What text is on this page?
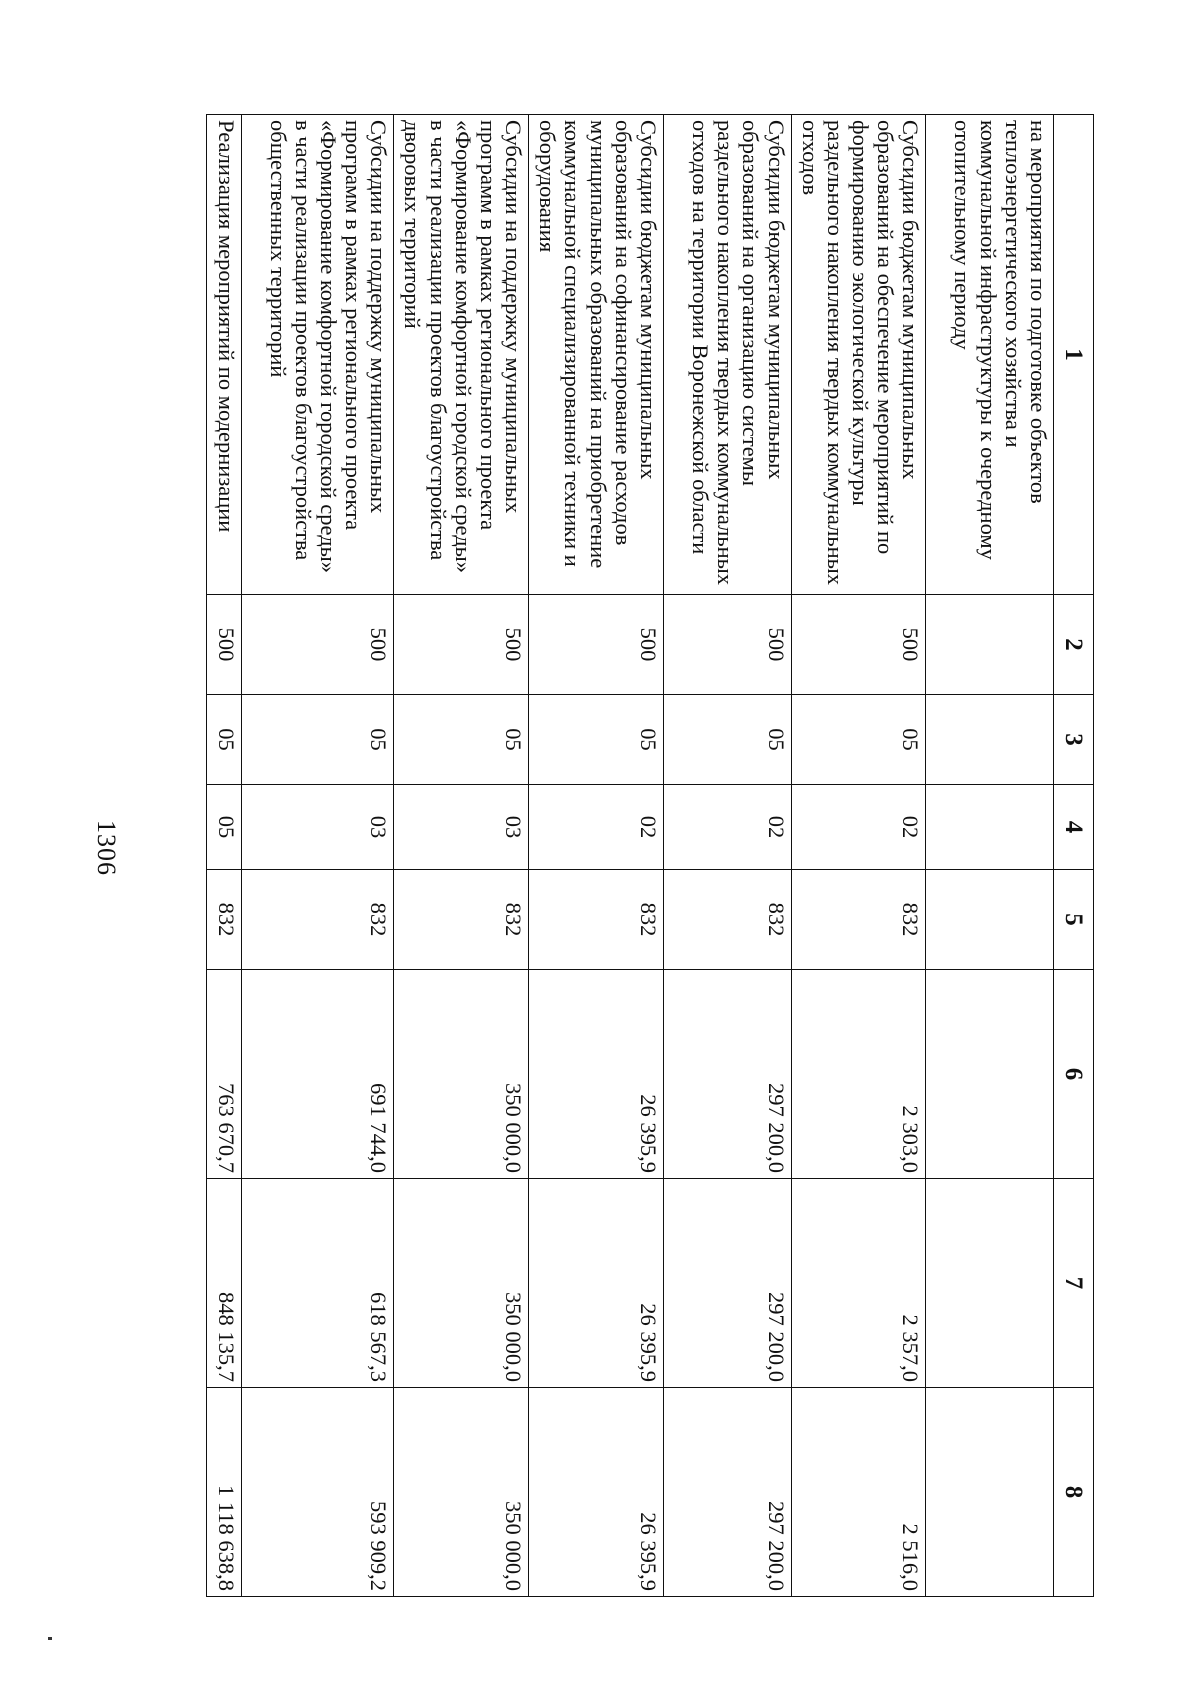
1306
1	2	3	4	5	6	7	8
на мероприятия по подготовке объектов теплоэнергетического хозяйства и коммунальной инфраструктуры к очередному отопительному периоду							
Субсидии бюджетам муниципальных образований на обеспечение мероприятий по формированию экологической культуры раздельного накопления твердых коммунальных отходов	500	05	02	832	2 303,0	2 357,0	2 516,0
Субсидии бюджетам муниципальных образований на организацию системы раздельного накопления твердых коммунальных отходов на территории Воронежской области	500	05	02	832	297 200,0	297 200,0	297 200,0
Субсидии бюджетам муниципальных образований на софинансирование расходов муниципальных образований на приобретение коммунальной специализированной техники и оборудования	500	05	02	832	26 395,9	26 395,9	26 395,9
Субсидии на поддержку муниципальных программ в рамках регионального проекта «Формирование комфортной городской среды» в части реализации проектов благоустройства дворовых территорий	500	05	03	832	350 000,0	350 000,0	350 000,0
Субсидии на поддержку муниципальных программ в рамках регионального проекта «Формирование комфортной городской среды» в части реализации проектов благоустройства общественных территорий	500	05	03	832	691 744,0	618 567,3	593 909,2
Реализация мероприятий по модернизации	500	05	05	832	763 670,7	848 135,7	1 118 638,8
